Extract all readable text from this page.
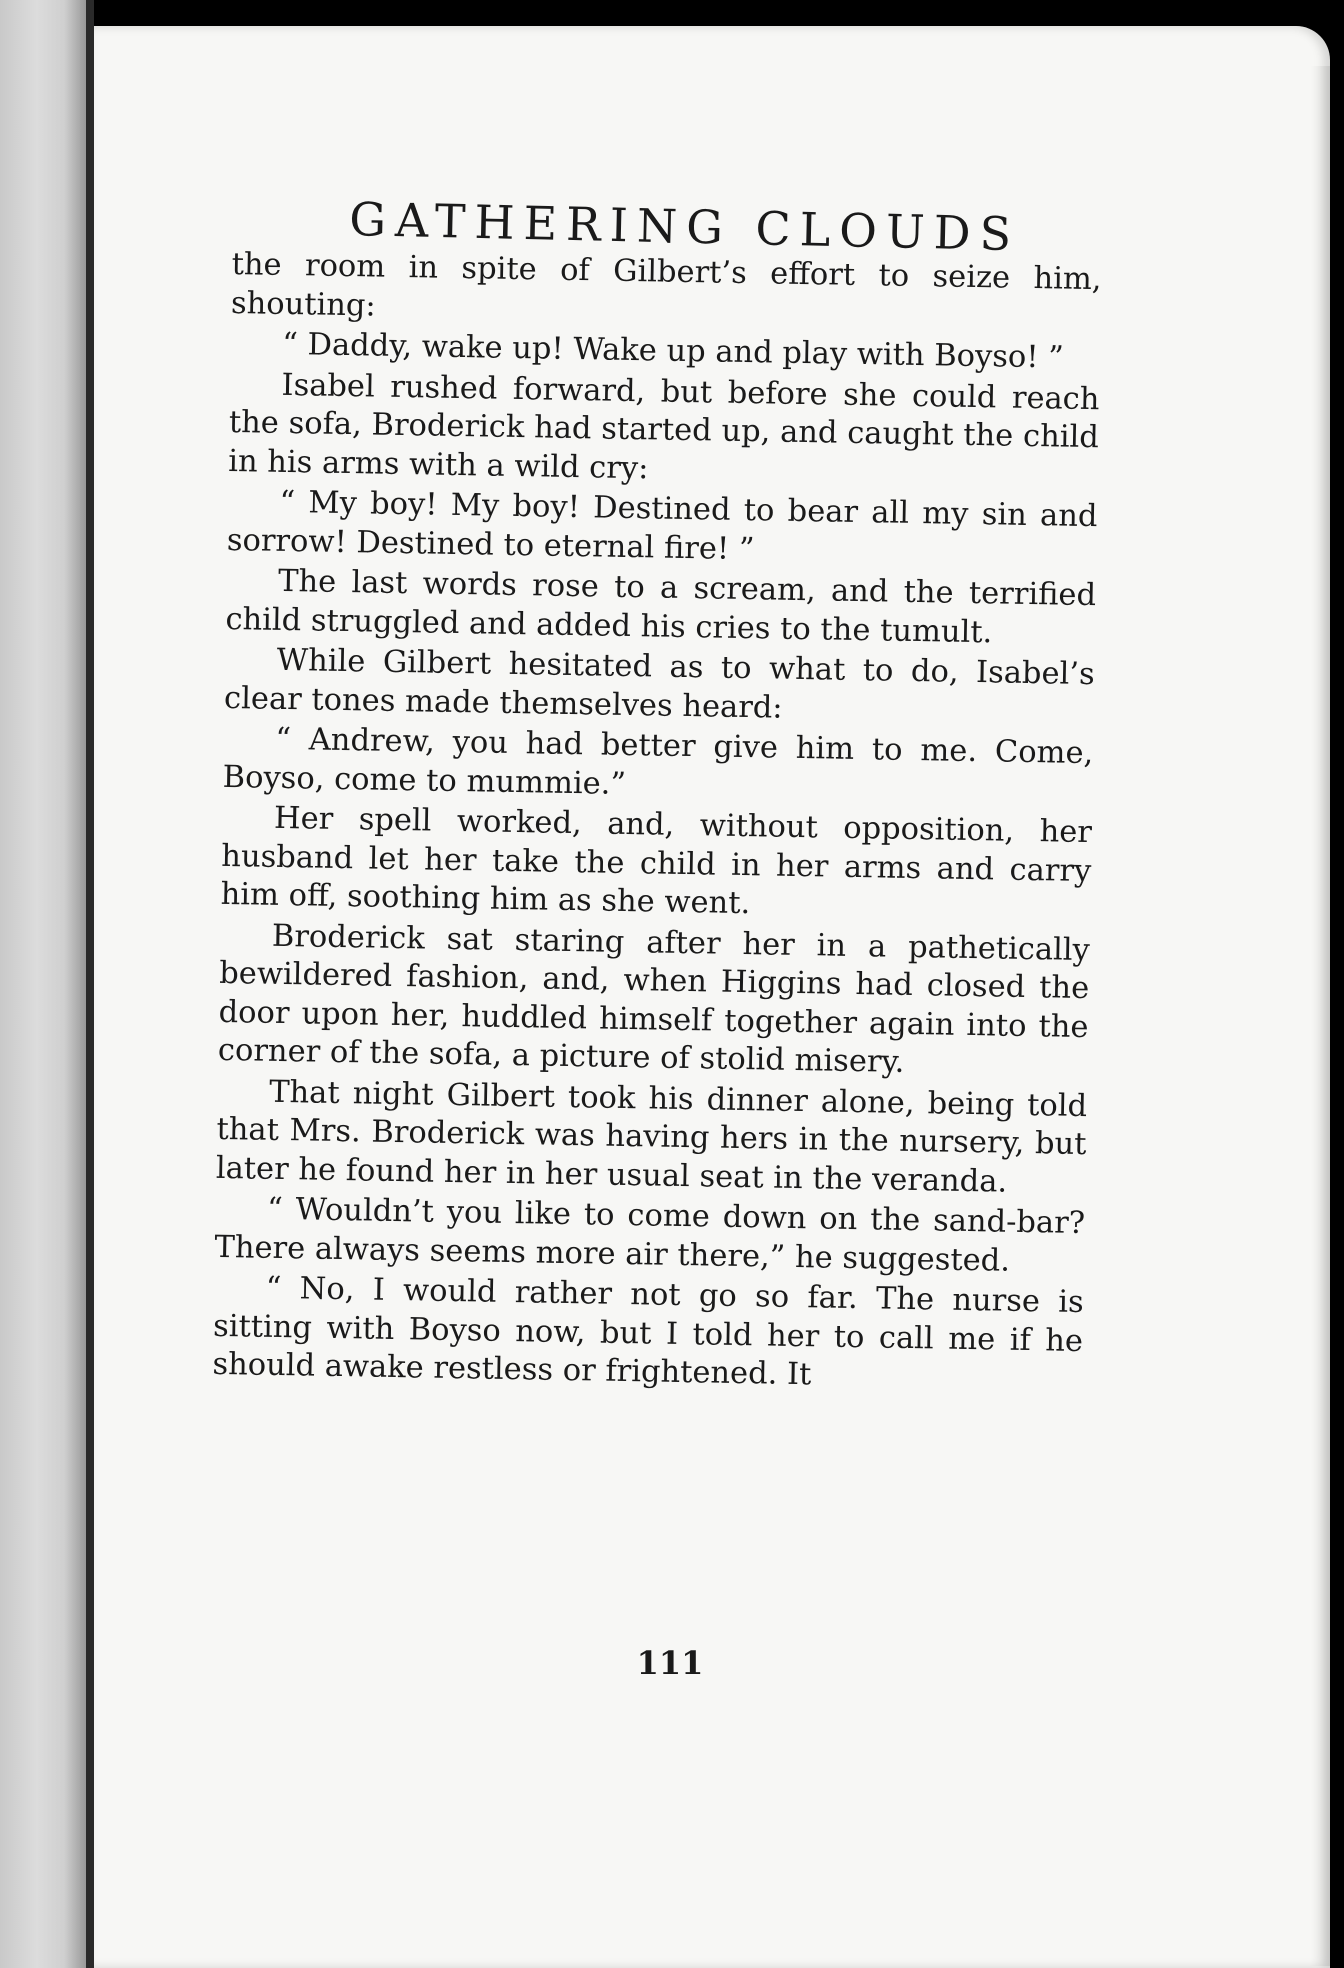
GATHERING CLOUDS

the room in spite of Gilbert’s effort to seize him, shouting:

“ Daddy, wake up! Wake up and play with Boyso! ”

Isabel rushed forward, but before she could reach the sofa, Broderick had started up, and caught the child in his arms with a wild cry:

“ My boy! My boy! Destined to bear all my sin and sorrow! Destined to eternal fire! ”

The last words rose to a scream, and the terrified child struggled and added his cries to the tumult.

While Gilbert hesitated as to what to do, Isabel’s clear tones made themselves heard:

“ Andrew, you had better give him to me. Come, Boyso, come to mummie.”

Her spell worked, and, without opposition, her husband let her take the child in her arms and carry him off, soothing him as she went.

Broderick sat staring after her in a pathetically bewildered fashion, and, when Higgins had closed the door upon her, huddled himself together again into the corner of the sofa, a picture of stolid misery.

That night Gilbert took his dinner alone, being told that Mrs. Broderick was having hers in the nursery, but later he found her in her usual seat in the veranda.

“ Wouldn’t you like to come down on the sand-bar? There always seems more air there,” he suggested.

“ No, I would rather not go so far. The nurse is sitting with Boyso now, but I told her to call me if he should awake restless or frightened. It

111
